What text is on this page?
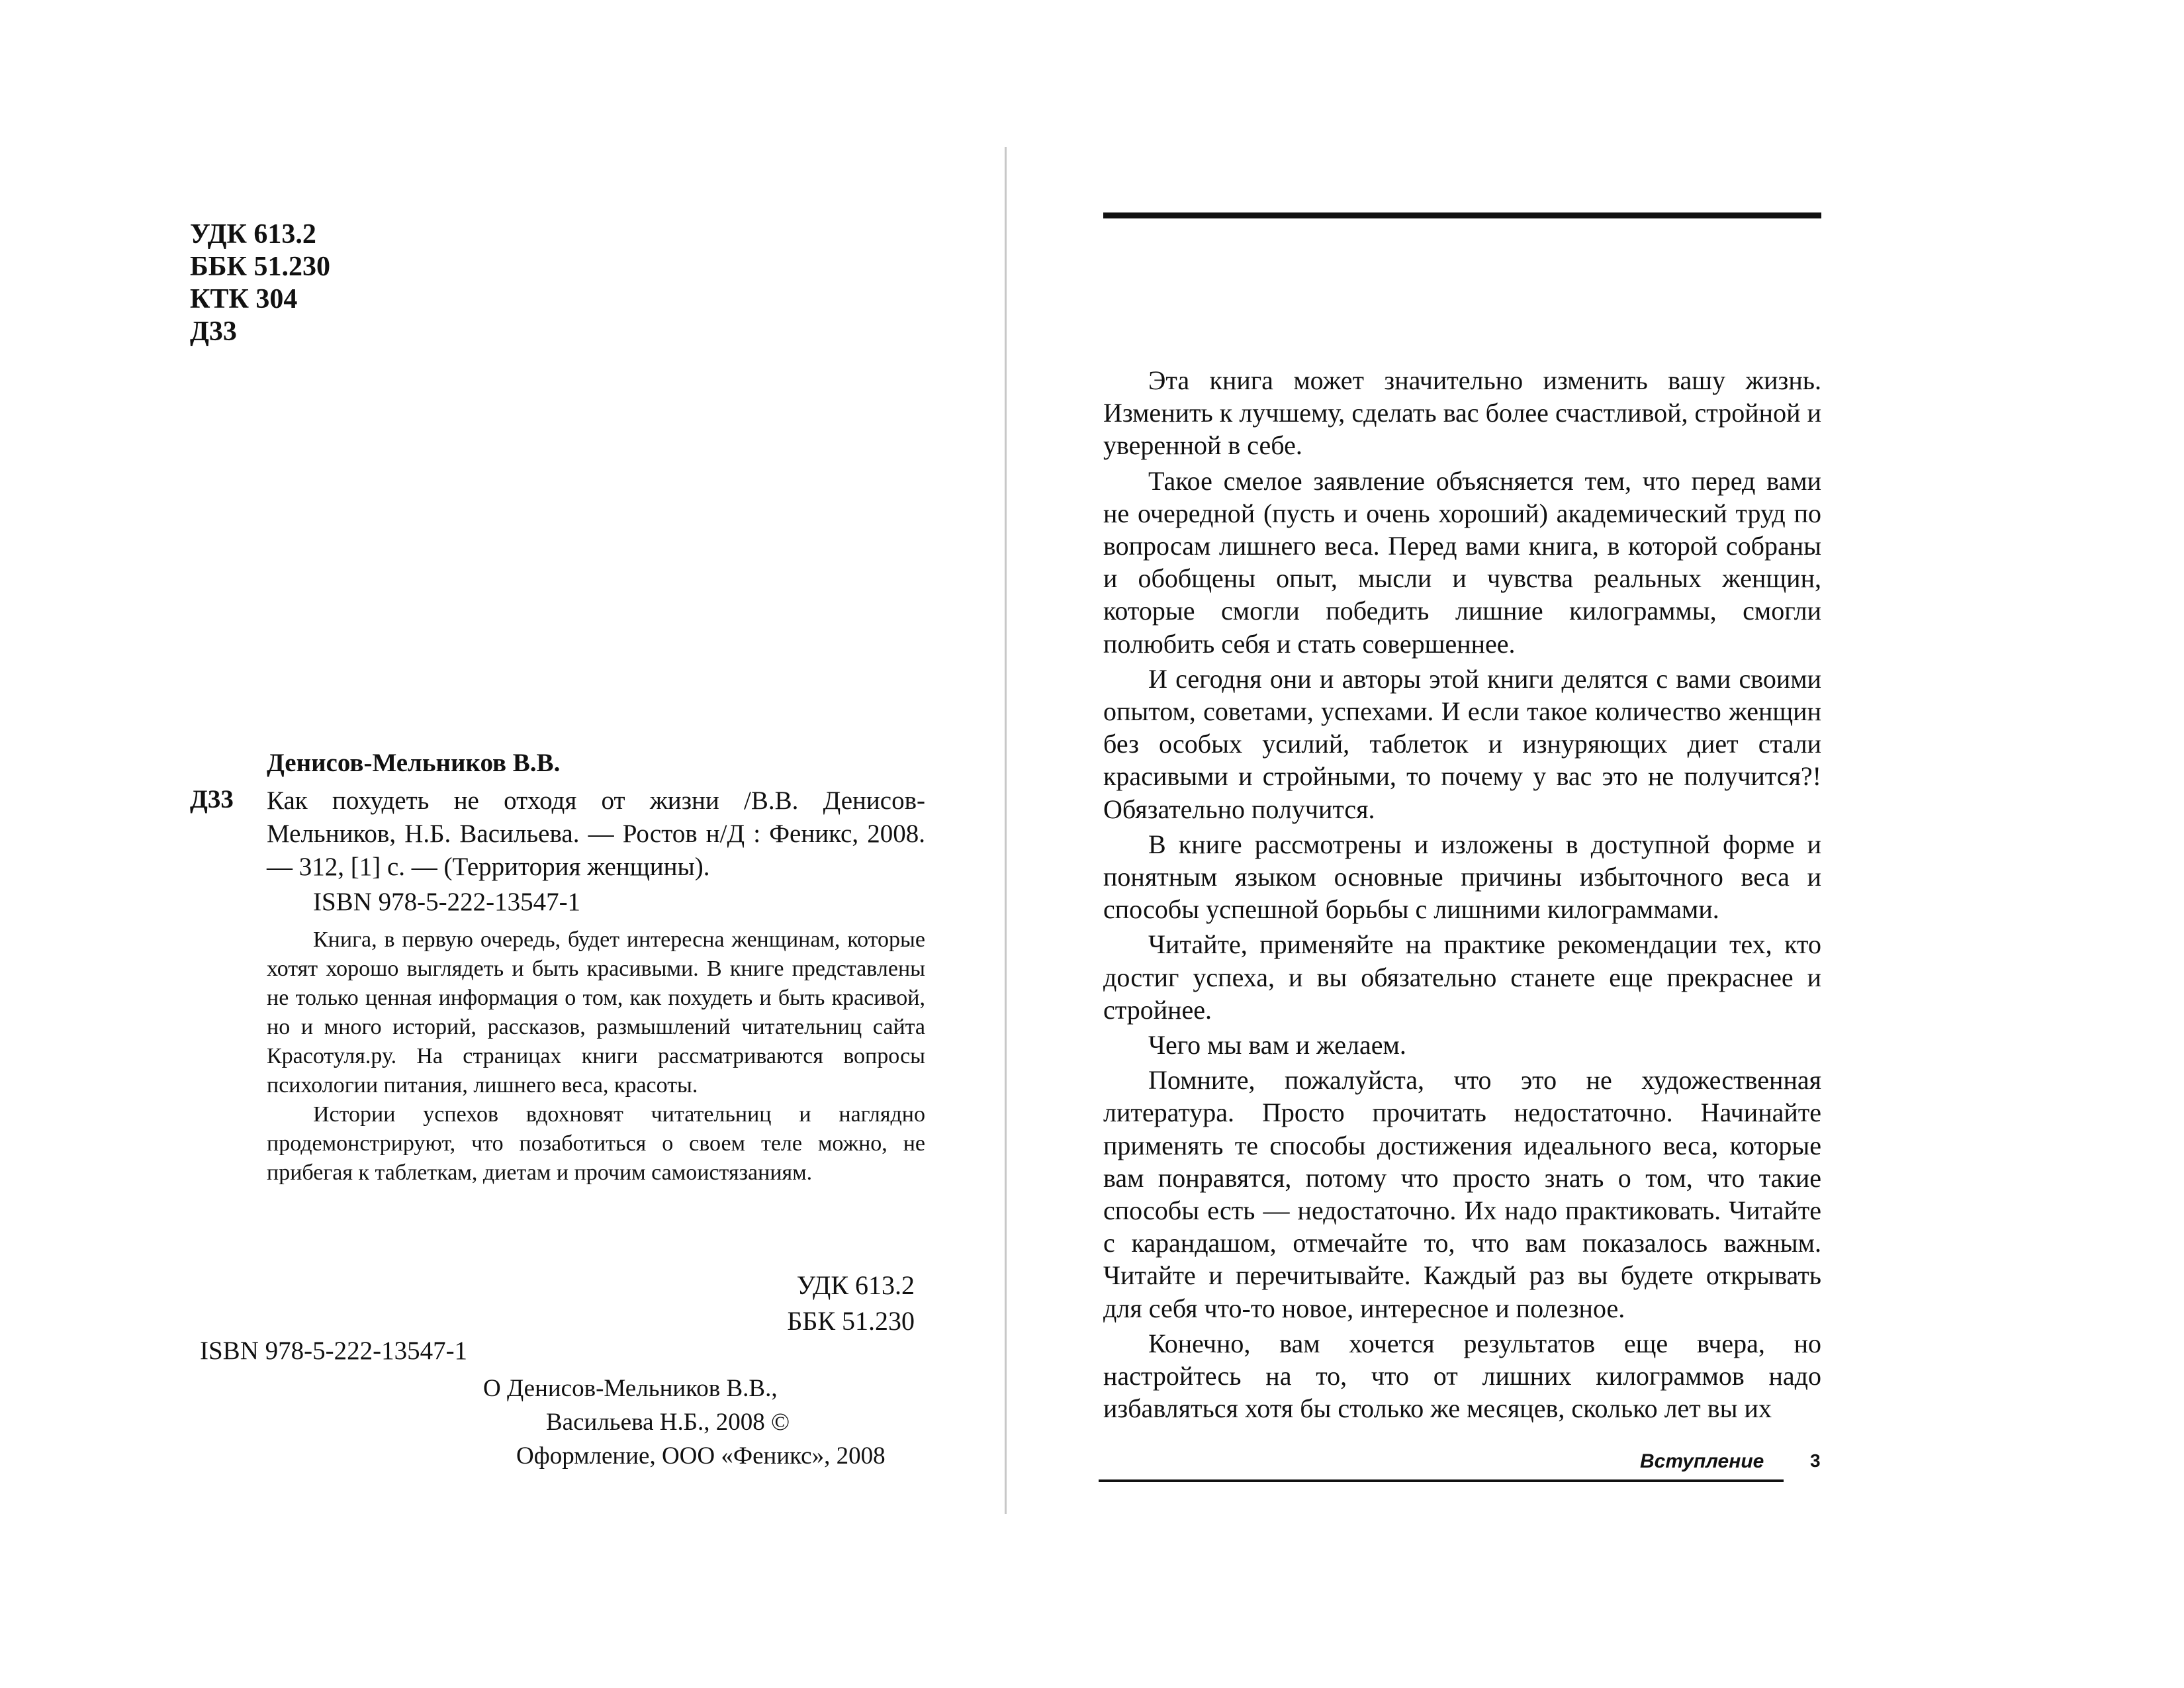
УДК 613.2
ББК 51.230
КТК 304
Д33
Денисов-Мельников В.В.
Д33 Как похудеть не отходя от жизни /В.В. Денисов-Мельников, Н.Б. Васильева. — Ростов н/Д : Феникс, 2008. — 312, [1] с. — (Территория женщины).
ISBN 978-5-222-13547-1

Книга, в первую очередь, будет интересна женщинам, которые хотят хорошо выглядеть и быть красивыми. В книге представлены не только ценная информация о том, как похудеть и быть красивой, но и много историй, рассказов, размышлений читательниц сайта Красотуля.ру. На страницах книги рассматриваются вопросы психологии питания, лишнего веса, красоты.

Истории успехов вдохновят читательниц и наглядно продемонстрируют, что позаботиться о своем теле можно, не прибегая к таблеткам, диетам и прочим самоистязаниям.

УДК 613.2
ББК 51.230
ISBN 978-5-222-13547-1
О Денисов-Мельников В.В.,
Васильева Н.Б., 2008 ©
Оформление, ООО «Феникс», 2008

Эта книга может значительно изменить вашу жизнь. Изменить к лучшему, сделать вас более счастливой, стройной и уверенной в себе.

Такое смелое заявление объясняется тем, что перед вами не очередной (пусть и очень хороший) академический труд по вопросам лишнего веса. Перед вами книга, в которой собраны и обобщены опыт, мысли и чувства реальных женщин, которые смогли победить лишние килограммы, смогли полюбить себя и стать совершеннее.

И сегодня они и авторы этой книги делятся с вами своими опытом, советами, успехами. И если такое количество женщин без особых усилий, таблеток и изнуряющих диет стали красивыми и стройными, то почему у вас это не получится?! Обязательно получится.

В книге рассмотрены и изложены в доступной форме и понятным языком основные причины избыточного веса и способы успешной борьбы с лишними килограммами.

Читайте, применяйте на практике рекомендации тех, кто достиг успеха, и вы обязательно станете еще прекраснее и стройнее.

Чего мы вам и желаем.

Помните, пожалуйста, что это не художественная литература. Просто прочитать недостаточно. Начинайте применять те способы достижения идеального веса, которые вам понравятся, потому что просто знать о том, что такие способы есть — недостаточно. Их надо практиковать. Читайте с карандашом, отмечайте то, что вам показалось важным. Читайте и перечитывайте. Каждый раз вы будете открывать для себя что-то новое, интересное и полезное.

Конечно, вам хочется результатов еще вчера, но настройтесь на то, что от лишних килограммов надо избавляться хотя бы столько же месяцев, сколько лет вы их

Вступление 3
